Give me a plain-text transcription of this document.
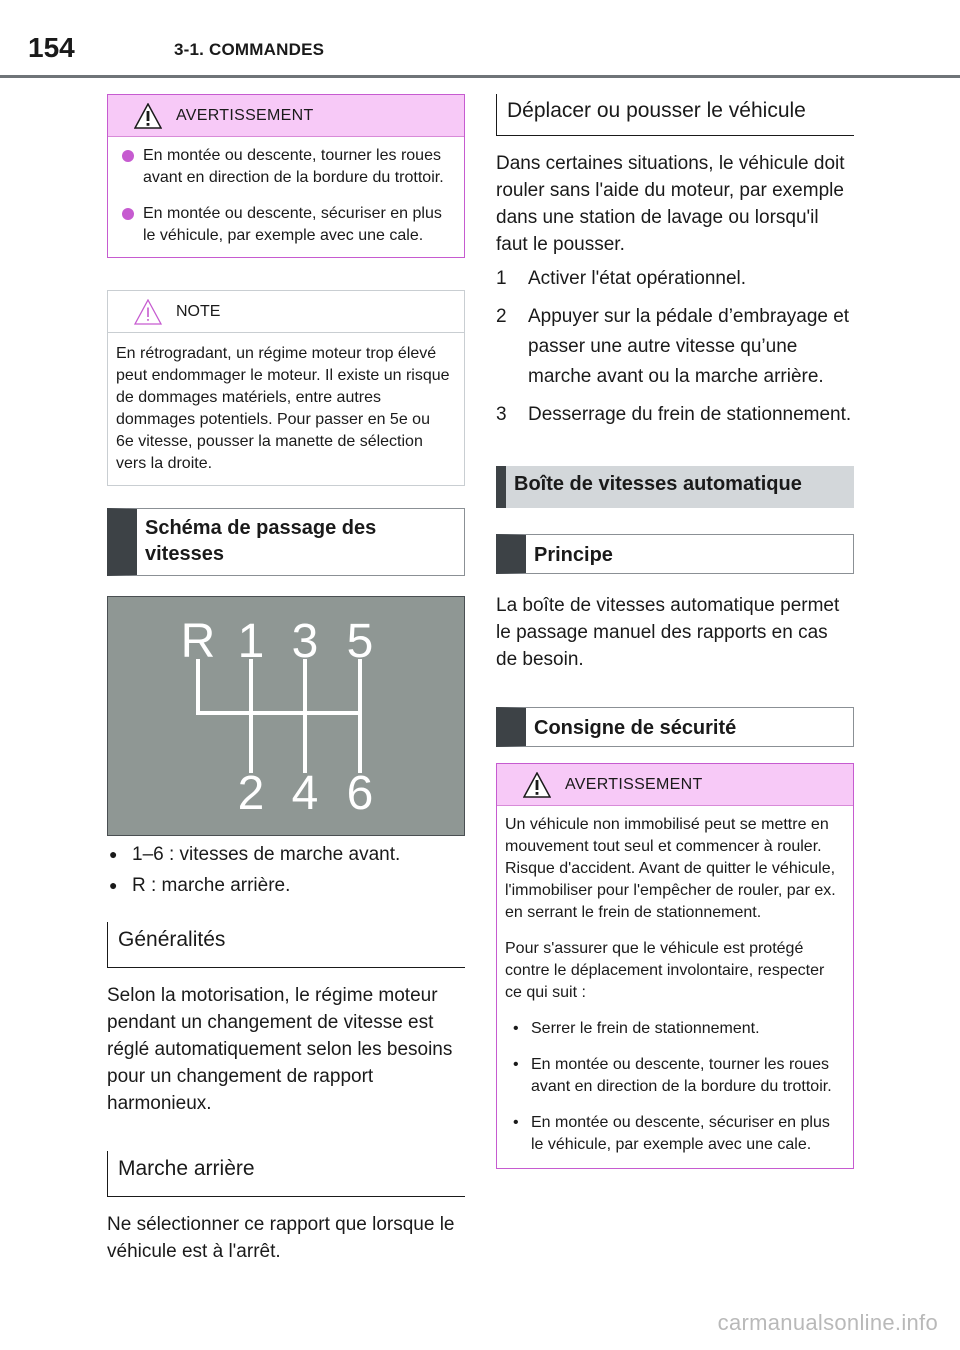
154	3-1. COMMANDES
AVERTISSEMENT
En montée ou descente, tourner les roues avant en direction de la bordure du trottoir.
En montée ou descente, sécuriser en plus le véhicule, par exemple avec une cale.
NOTE
En rétrogradant, un régime moteur trop élevé peut endommager le moteur. Il existe un risque de dommages matériels, entre autres dommages potentiels. Pour passer en 5e ou 6e vitesse, pousser la manette de sélection vers la droite.
Schéma de passage des vitesses
R 1 3 5
2 4 6
● 1–6 : vitesses de marche avant.
● R : marche arrière.
Généralités

Selon la motorisation, le régime moteur pendant un changement de vitesse est réglé automatiquement selon les besoins pour un changement de rapport harmonieux.

Marche arrière

Ne sélectionner ce rapport que lorsque le véhicule est à l'arrêt.

Déplacer ou pousser le véhicule

Dans certaines situations, le véhicule doit rouler sans l'aide du moteur, par exemple dans une station de lavage ou lorsqu'il faut le pousser.

1 Activer l'état opérationnel.
2 Appuyer sur la pédale d’embrayage et passer une autre vitesse qu’une marche avant ou la marche arrière.
3 Desserrage du frein de stationnement.
Boîte de vitesses automatique
Principe

La boîte de vitesses automatique permet le passage manuel des rapports en cas de besoin.

Consigne de sécurité
AVERTISSEMENT

Un véhicule non immobilisé peut se mettre en mouvement tout seul et commencer à rouler. Risque d'accident. Avant de quitter le véhicule, l'immobiliser pour l'empêcher de rouler, par ex. en serrant le frein de stationnement.

Pour s'assurer que le véhicule est protégé contre le déplacement involontaire, respecter ce qui suit :

• Serrer le frein de stationnement.
• En montée ou descente, tourner les roues avant en direction de la bordure du trottoir.
• En montée ou descente, sécuriser en plus le véhicule, par exemple avec une cale.
carmanualsonline.info
